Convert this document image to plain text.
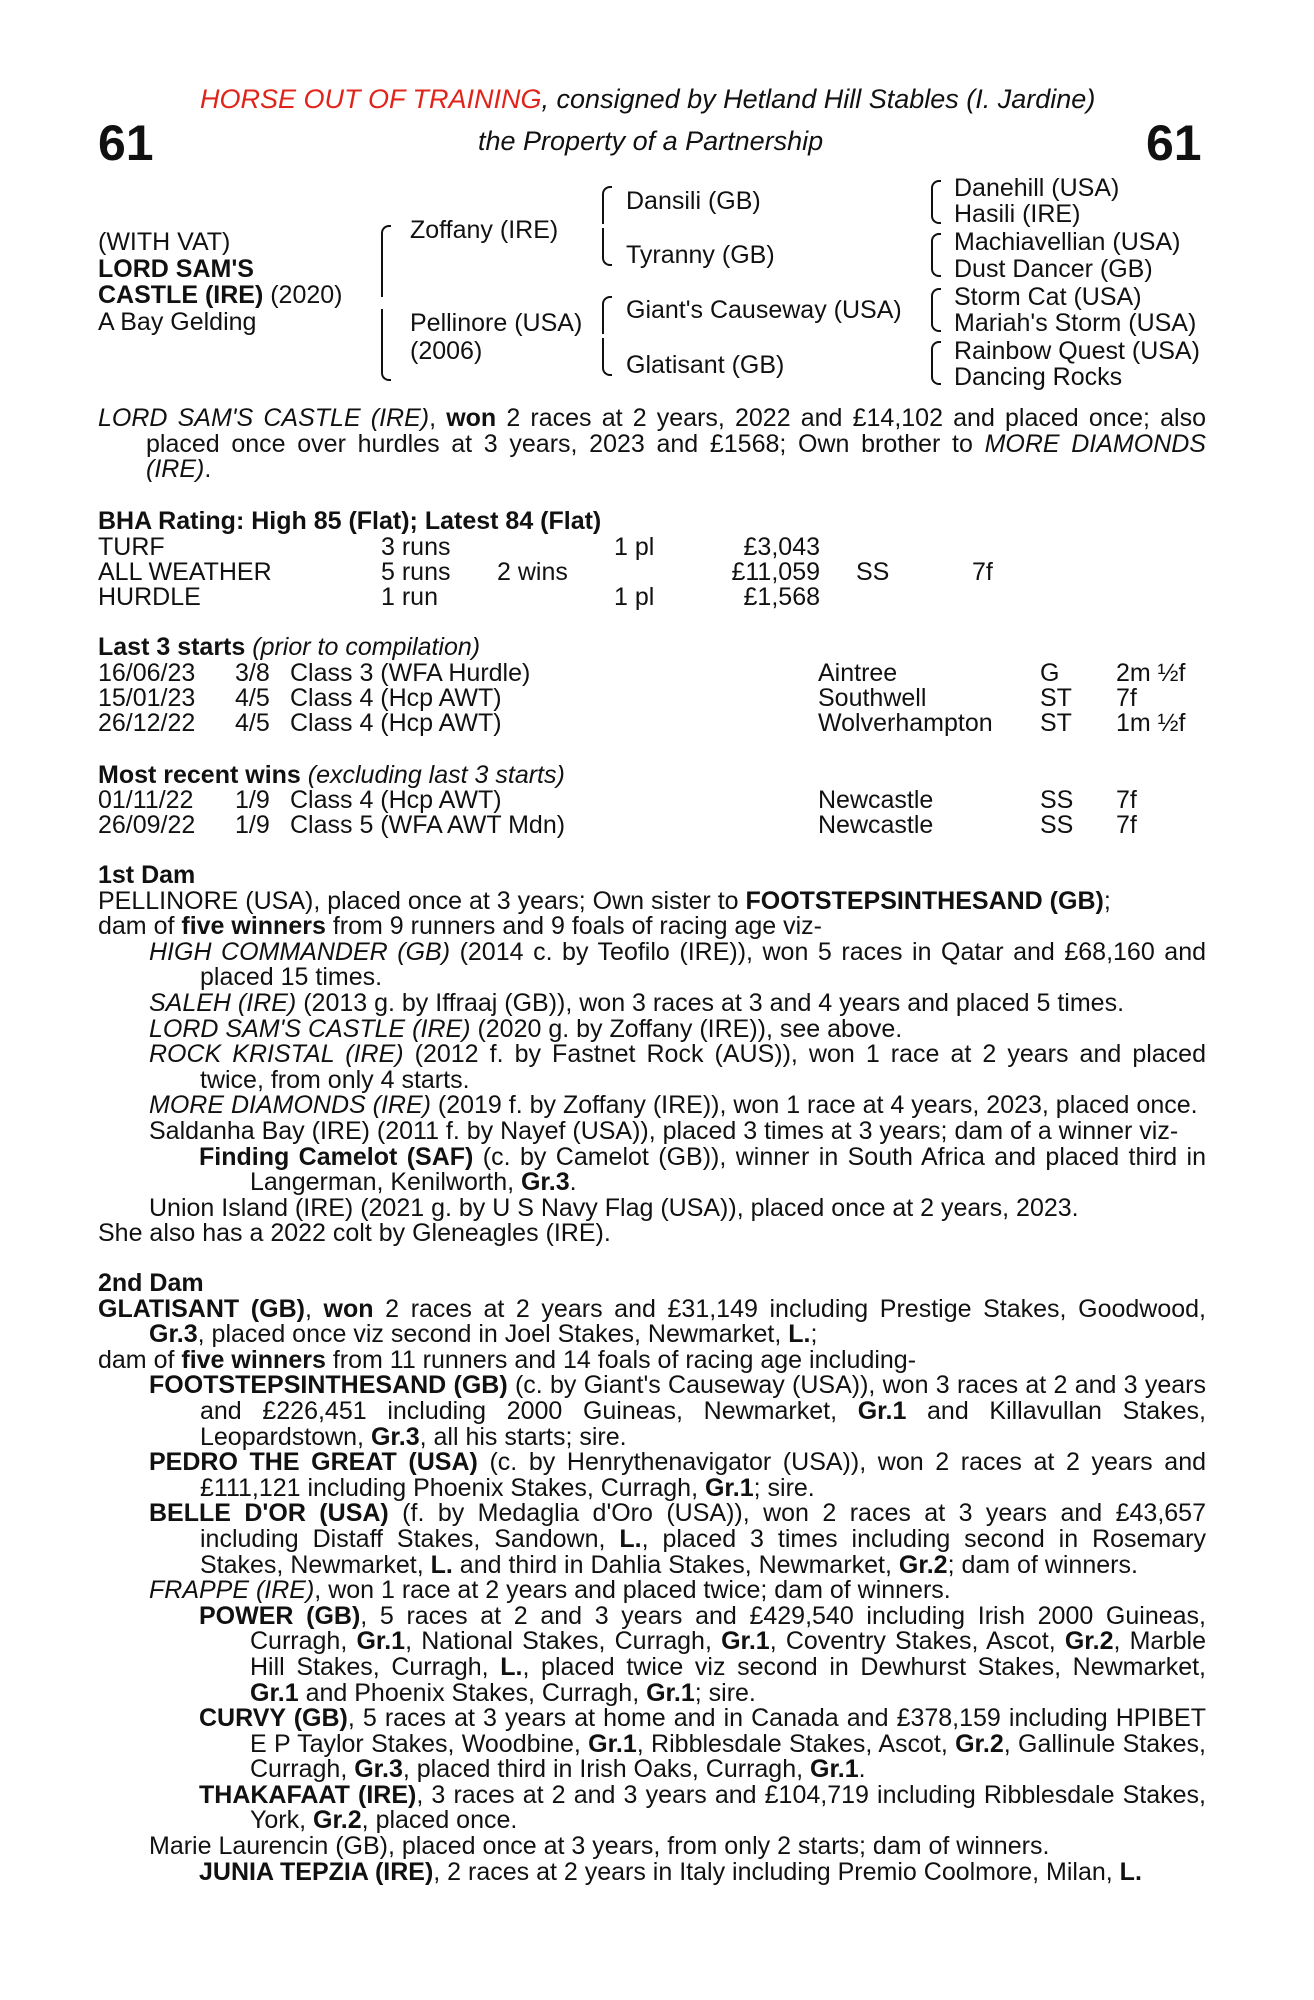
HORSE OUT OF TRAINING, consigned by Hetland Hill Stables (I. Jardine)
the Property of a Partnership
61	61
(WITH VAT)
LORD SAM'S
CASTLE (IRE) (2020)
A Bay Gelding
Zoffany (IRE)
Pellinore (USA)
(2006)
Dansili (GB)
Tyranny (GB)
Giant's Causeway (USA)
Glatisant (GB)
Danehill (USA)
Hasili (IRE)
Machiavellian (USA)
Dust Dancer (GB)
Storm Cat (USA)
Mariah's Storm (USA)
Rainbow Quest (USA)
Dancing Rocks

LORD SAM'S CASTLE (IRE), won 2 races at 2 years, 2022 and £14,102 and placed once; also placed once over hurdles at 3 years, 2023 and £1568; Own brother to MORE DIAMONDS (IRE).

BHA Rating: High 85 (Flat); Latest 84 (Flat)
TURF	3 runs	1 pl	£3,043
ALL WEATHER	5 runs 2 wins	£11,059 SS	7f
HURDLE	1 run	1 pl	£1,568
Last 3 starts (prior to compilation)
16/06/23 3/8 Class 3 (WFA Hurdle)	Aintree	G 2m ½f
15/01/23 4/5 Class 4 (Hcp AWT)	Southwell	ST 7f
26/12/22 4/5 Class 4 (Hcp AWT)	Wolverhampton ST 1m ½f
Most recent wins (excluding last 3 starts)
01/11/22 1/9 Class 4 (Hcp AWT)	Newcastle	SS 7f
26/09/22 1/9 Class 5 (WFA AWT Mdn)	Newcastle	SS 7f

1st Dam

PELLINORE (USA), placed once at 3 years; Own sister to FOOTSTEPSINTHESAND (GB);

dam of five winners from 9 runners and 9 foals of racing age viz-

HIGH COMMANDER (GB) (2014 c. by Teofilo (IRE)), won 5 races in Qatar and £68,160 and placed 15 times.

SALEH (IRE) (2013 g. by Iffraaj (GB)), won 3 races at 3 and 4 years and placed 5 times.

LORD SAM'S CASTLE (IRE) (2020 g. by Zoffany (IRE)), see above.

ROCK KRISTAL (IRE) (2012 f. by Fastnet Rock (AUS)), won 1 race at 2 years and placed twice, from only 4 starts.

MORE DIAMONDS (IRE) (2019 f. by Zoffany (IRE)), won 1 race at 4 years, 2023, placed once.

Saldanha Bay (IRE) (2011 f. by Nayef (USA)), placed 3 times at 3 years; dam of a winner viz-

Finding Camelot (SAF) (c. by Camelot (GB)), winner in South Africa and placed third in Langerman, Kenilworth, Gr.3.

Union Island (IRE) (2021 g. by U S Navy Flag (USA)), placed once at 2 years, 2023.

She also has a 2022 colt by Gleneagles (IRE).

2nd Dam

GLATISANT (GB), won 2 races at 2 years and £31,149 including Prestige Stakes, Goodwood, Gr.3, placed once viz second in Joel Stakes, Newmarket, L.;

dam of five winners from 11 runners and 14 foals of racing age including-

FOOTSTEPSINTHESAND (GB) (c. by Giant's Causeway (USA)), won 3 races at 2 and 3 years and £226,451 including 2000 Guineas, Newmarket, Gr.1 and Killavullan Stakes, Leopardstown, Gr.3, all his starts; sire.

PEDRO THE GREAT (USA) (c. by Henrythenavigator (USA)), won 2 races at 2 years and £111,121 including Phoenix Stakes, Curragh, Gr.1; sire.

BELLE D'OR (USA) (f. by Medaglia d'Oro (USA)), won 2 races at 3 years and £43,657 including Distaff Stakes, Sandown, L., placed 3 times including second in Rosemary Stakes, Newmarket, L. and third in Dahlia Stakes, Newmarket, Gr.2; dam of winners.

FRAPPE (IRE), won 1 race at 2 years and placed twice; dam of winners.

POWER (GB), 5 races at 2 and 3 years and £429,540 including Irish 2000 Guineas, Curragh, Gr.1, National Stakes, Curragh, Gr.1, Coventry Stakes, Ascot, Gr.2, Marble Hill Stakes, Curragh, L., placed twice viz second in Dewhurst Stakes, Newmarket, Gr.1 and Phoenix Stakes, Curragh, Gr.1; sire.

CURVY (GB), 5 races at 3 years at home and in Canada and £378,159 including HPIBET E P Taylor Stakes, Woodbine, Gr.1, Ribblesdale Stakes, Ascot, Gr.2, Gallinule Stakes, Curragh, Gr.3, placed third in Irish Oaks, Curragh, Gr.1.

THAKAFAAT (IRE), 3 races at 2 and 3 years and £104,719 including Ribblesdale Stakes, York, Gr.2, placed once.

Marie Laurencin (GB), placed once at 3 years, from only 2 starts; dam of winners.

JUNIA TEPZIA (IRE), 2 races at 2 years in Italy including Premio Coolmore, Milan, L.
